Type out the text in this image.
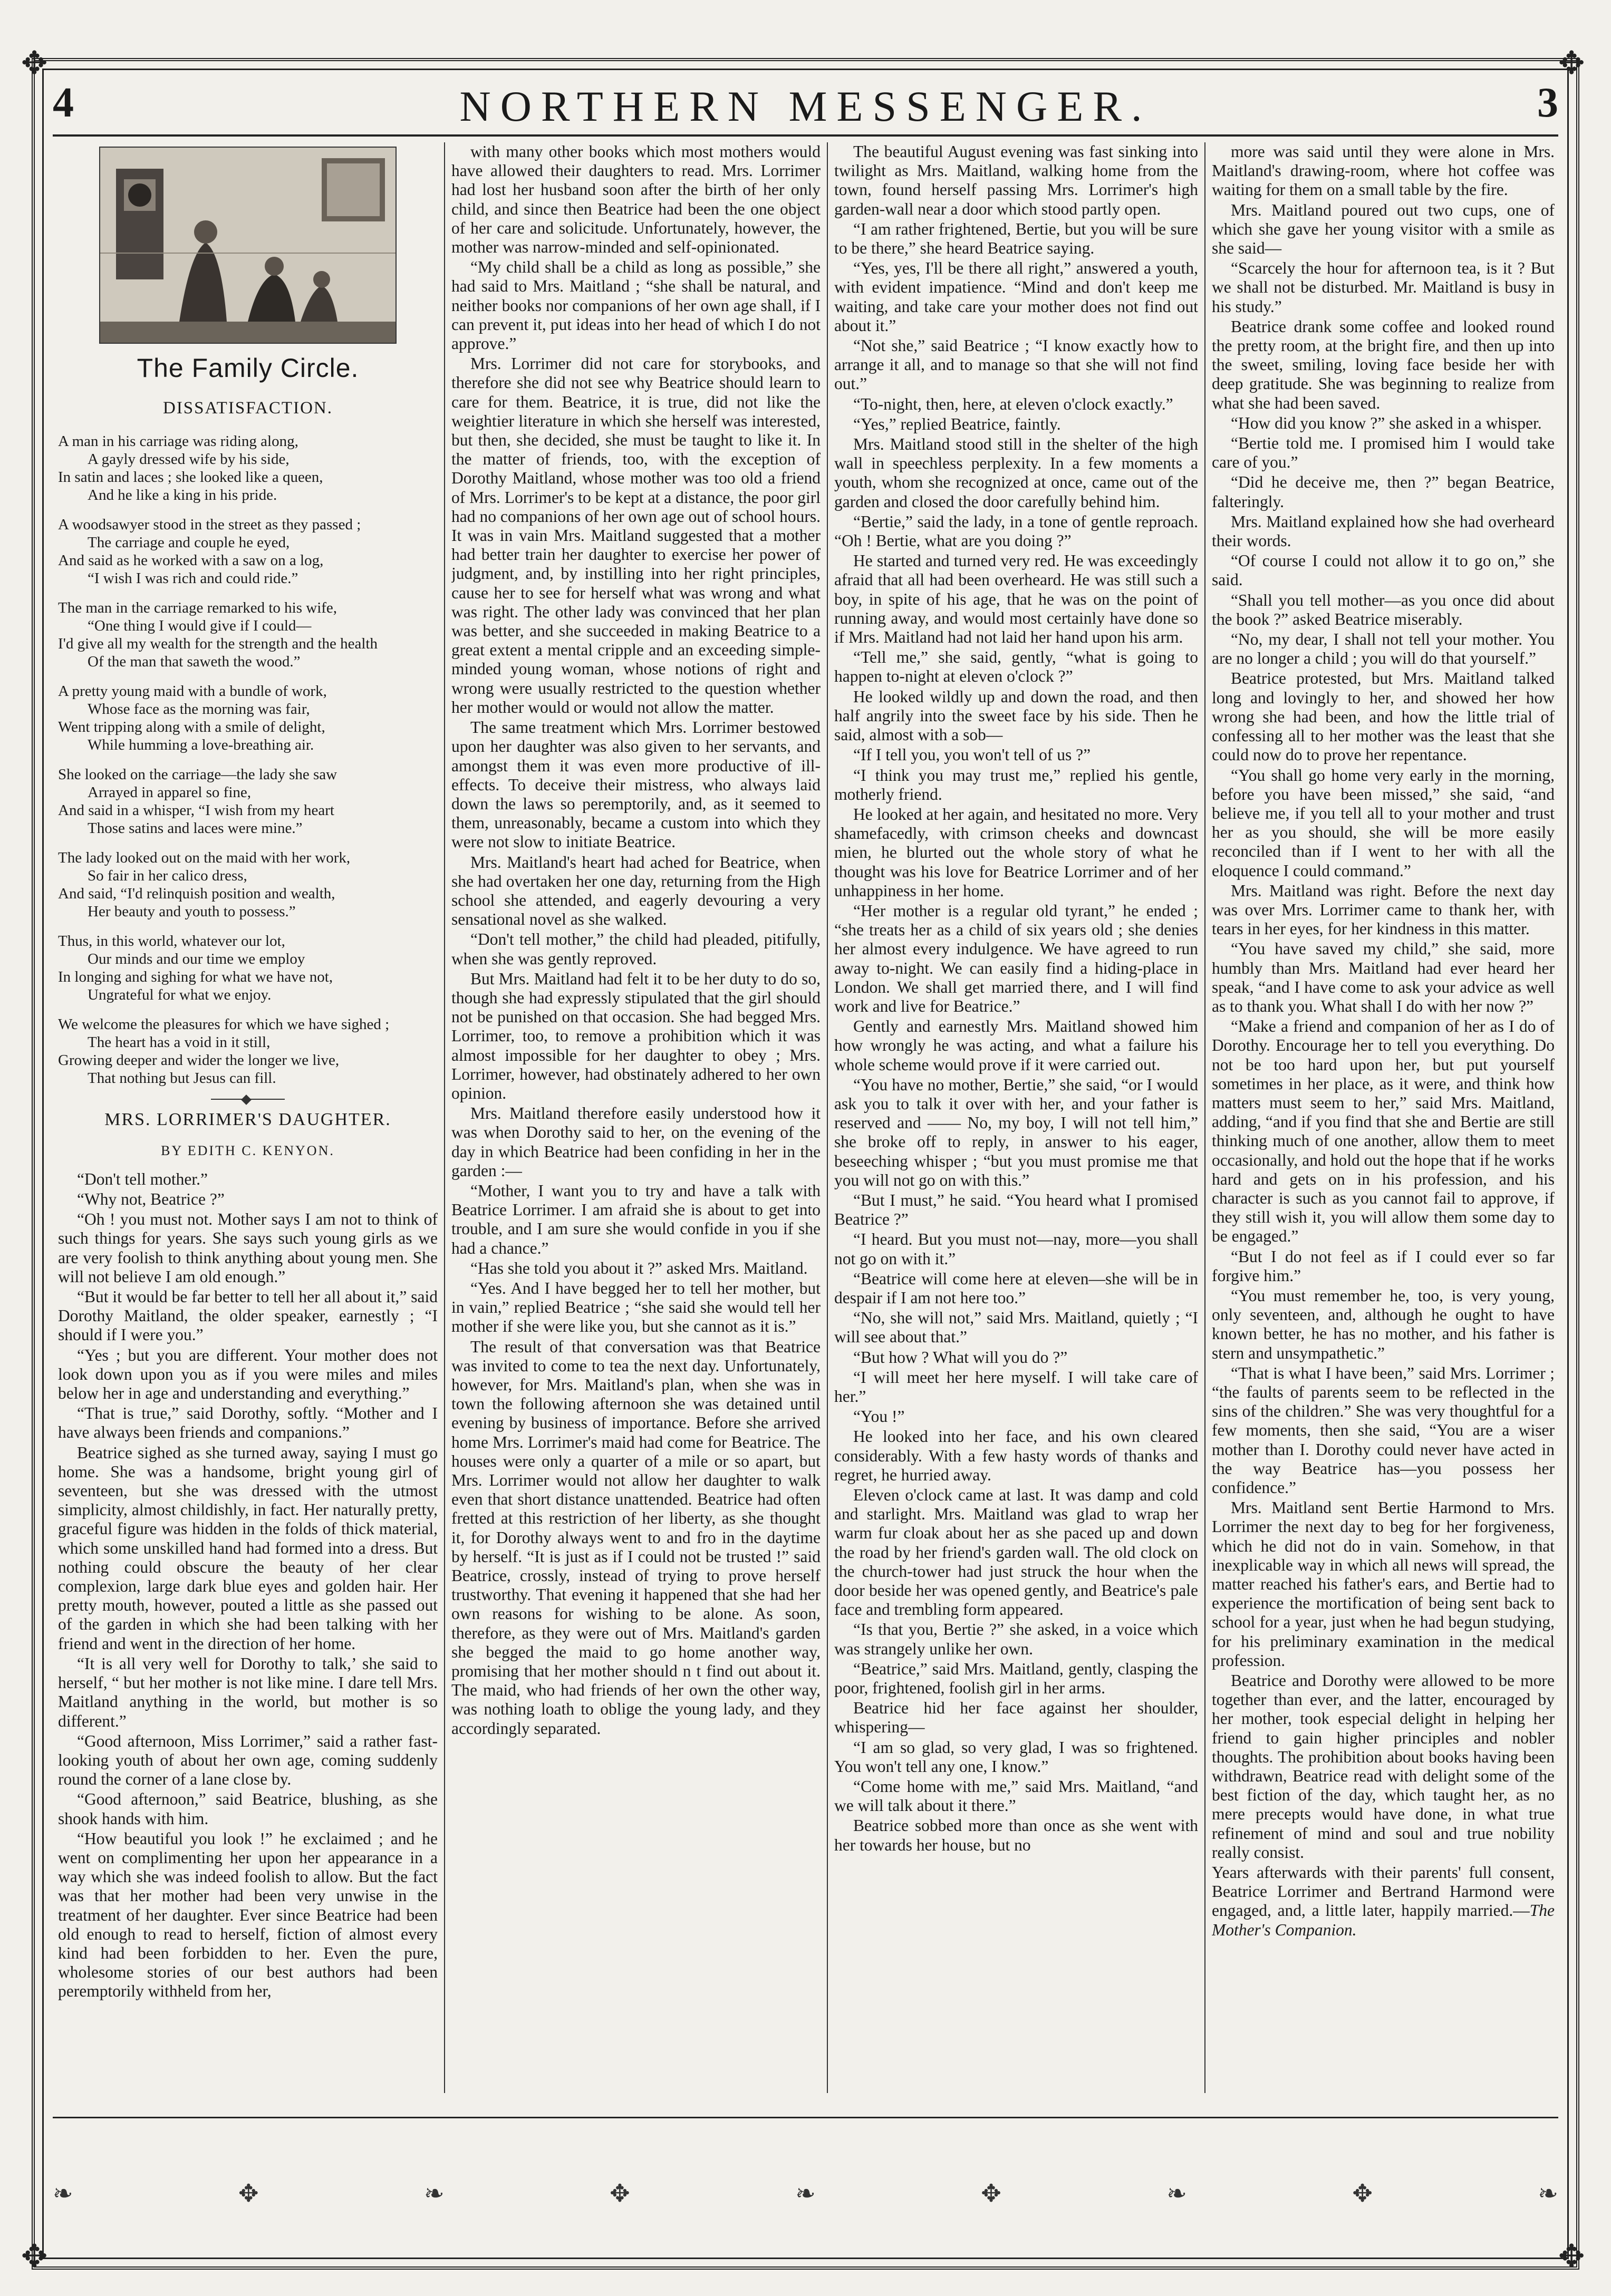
✥	✥
✥	✥
4	NORTHERN MESSENGER.	3
The Family Circle.
DISSATISFACTION.

A man in his carriage was riding along,

A gayly dressed wife by his side,

In satin and laces ; she looked like a queen,

And he like a king in his pride.

A woodsawyer stood in the street as they passed ;

The carriage and couple he eyed,

And said as he worked with a saw on a log,

“I wish I was rich and could ride.”

The man in the carriage remarked to his wife,

“One thing I would give if I could—

I'd give all my wealth for the strength and the health

Of the man that saweth the wood.”

A pretty young maid with a bundle of work,

Whose face as the morning was fair,

Went tripping along with a smile of delight,

While humming a love-breathing air.

She looked on the carriage—the lady she saw

Arrayed in apparel so fine,

And said in a whisper, “I wish from my heart

Those satins and laces were mine.”

The lady looked out on the maid with her work,

So fair in her calico dress,

And said, “I'd relinquish position and wealth,

Her beauty and youth to possess.”

Thus, in this world, whatever our lot,

Our minds and our time we employ

In longing and sighing for what we have not,

Ungrateful for what we enjoy.

We welcome the pleasures for which we have sighed ;

The heart has a void in it still,

Growing deeper and wider the longer we live,

That nothing but Jesus can fill.

MRS. LORRIMER'S DAUGHTER.
BY EDITH C. KENYON.

“Don't tell mother.”

“Why not, Beatrice ?”

“Oh ! you must not. Mother says I am not to think of such things for years. She says such young girls as we are very foolish to think anything about young men. She will not believe I am old enough.”

“But it would be far better to tell her all about it,” said Dorothy Maitland, the older speaker, earnestly ; “I should if I were you.”

“Yes ; but you are different. Your mother does not look down upon you as if you were miles and miles below her in age and understanding and everything.”

“That is true,” said Dorothy, softly. “Mother and I have always been friends and companions.”

Beatrice sighed as she turned away, saying I must go home. She was a handsome, bright young girl of seventeen, but she was dressed with the utmost simplicity, almost childishly, in fact. Her naturally pretty, graceful figure was hidden in the folds of thick material, which some unskilled hand had formed into a dress. But nothing could obscure the beauty of her clear complexion, large dark blue eyes and golden hair. Her pretty mouth, however, pouted a little as she passed out of the garden in which she had been talking with her friend and went in the direction of her home.

“It is all very well for Dorothy to talk,’ she said to herself, “ but her mother is not like mine. I dare tell Mrs. Maitland anything in the world, but mother is so different.”

“Good afternoon, Miss Lorrimer,” said a rather fast-looking youth of about her own age, coming suddenly round the corner of a lane close by.

“Good afternoon,” said Beatrice, blushing, as she shook hands with him.

“How beautiful you look !” he exclaimed ; and he went on complimenting her upon her appearance in a way which she was indeed foolish to allow. But the fact was that her mother had been very unwise in the treatment of her daughter. Ever since Beatrice had been old enough to read to herself, fiction of almost every kind had been forbidden to her. Even the pure, wholesome stories of our best authors had been peremptorily withheld from her,

with many other books which most mothers would have allowed their daughters to read. Mrs. Lorrimer had lost her husband soon after the birth of her only child, and since then Beatrice had been the one object of her care and solicitude. Unfortunately, however, the mother was narrow-minded and self-opinionated.

“My child shall be a child as long as possible,” she had said to Mrs. Maitland ; “she shall be natural, and neither books nor companions of her own age shall, if I can prevent it, put ideas into her head of which I do not approve.”

Mrs. Lorrimer did not care for storybooks, and therefore she did not see why Beatrice should learn to care for them. Beatrice, it is true, did not like the weightier literature in which she herself was interested, but then, she decided, she must be taught to like it. In the matter of friends, too, with the exception of Dorothy Maitland, whose mother was too old a friend of Mrs. Lorrimer's to be kept at a distance, the poor girl had no companions of her own age out of school hours. It was in vain Mrs. Maitland suggested that a mother had better train her daughter to exercise her power of judgment, and, by instilling into her right principles, cause her to see for herself what was wrong and what was right. The other lady was convinced that her plan was better, and she succeeded in making Beatrice to a great extent a mental cripple and an exceeding simple-minded young woman, whose notions of right and wrong were usually restricted to the question whether her mother would or would not allow the matter.

The same treatment which Mrs. Lorrimer bestowed upon her daughter was also given to her servants, and amongst them it was even more productive of ill-effects. To deceive their mistress, who always laid down the laws so peremptorily, and, as it seemed to them, unreasonably, became a custom into which they were not slow to initiate Beatrice.

Mrs. Maitland's heart had ached for Beatrice, when she had overtaken her one day, returning from the High school she attended, and eagerly devouring a very sensational novel as she walked.

“Don't tell mother,” the child had pleaded, pitifully, when she was gently reproved.

But Mrs. Maitland had felt it to be her duty to do so, though she had expressly stipulated that the girl should not be punished on that occasion. She had begged Mrs. Lorrimer, too, to remove a prohibition which it was almost impossible for her daughter to obey ; Mrs. Lorrimer, however, had obstinately adhered to her own opinion.

Mrs. Maitland therefore easily understood how it was when Dorothy said to her, on the evening of the day in which Beatrice had been confiding in her in the garden :—

“Mother, I want you to try and have a talk with Beatrice Lorrimer. I am afraid she is about to get into trouble, and I am sure she would confide in you if she had a chance.”

“Has she told you about it ?” asked Mrs. Maitland.

“Yes. And I have begged her to tell her mother, but in vain,” replied Beatrice ; “she said she would tell her mother if she were like you, but she cannot as it is.”

The result of that conversation was that Beatrice was invited to come to tea the next day. Unfortunately, however, for Mrs. Maitland's plan, when she was in town the following afternoon she was detained until evening by business of importance. Before she arrived home Mrs. Lorrimer's maid had come for Beatrice. The houses were only a quarter of a mile or so apart, but Mrs. Lorrimer would not allow her daughter to walk even that short distance unattended. Beatrice had often fretted at this restriction of her liberty, as she thought it, for Dorothy always went to and fro in the daytime by herself. “It is just as if I could not be trusted !” said Beatrice, crossly, instead of trying to prove herself trustworthy. That evening it happened that she had her own reasons for wishing to be alone. As soon, therefore, as they were out of Mrs. Maitland's garden she begged the maid to go home another way, promising that her mother should n t find out about it. The maid, who had friends of her own the other way, was nothing loath to oblige the young lady, and they accordingly separated.

The beautiful August evening was fast sinking into twilight as Mrs. Maitland, walking home from the town, found herself passing Mrs. Lorrimer's high garden-wall near a door which stood partly open.

“I am rather frightened, Bertie, but you will be sure to be there,” she heard Beatrice saying.

“Yes, yes, I'll be there all right,” answered a youth, with evident impatience. “Mind and don't keep me waiting, and take care your mother does not find out about it.”

“Not she,” said Beatrice ; “I know exactly how to arrange it all, and to manage so that she will not find out.”

“To-night, then, here, at eleven o'clock exactly.”

“Yes,” replied Beatrice, faintly.

Mrs. Maitland stood still in the shelter of the high wall in speechless perplexity. In a few moments a youth, whom she recognized at once, came out of the garden and closed the door carefully behind him.

“Bertie,” said the lady, in a tone of gentle reproach. “Oh ! Bertie, what are you doing ?”

He started and turned very red. He was exceedingly afraid that all had been overheard. He was still such a boy, in spite of his age, that he was on the point of running away, and would most certainly have done so if Mrs. Maitland had not laid her hand upon his arm.

“Tell me,” she said, gently, “what is going to happen to-night at eleven o'clock ?”

He looked wildly up and down the road, and then half angrily into the sweet face by his side. Then he said, almost with a sob—

“If I tell you, you won't tell of us ?”

“I think you may trust me,” replied his gentle, motherly friend.

He looked at her again, and hesitated no more. Very shamefacedly, with crimson cheeks and downcast mien, he blurted out the whole story of what he thought was his love for Beatrice Lorrimer and of her unhappiness in her home.

“Her mother is a regular old tyrant,” he ended ; “she treats her as a child of six years old ; she denies her almost every indulgence. We have agreed to run away to-night. We can easily find a hiding-place in London. We shall get married there, and I will find work and live for Beatrice.”

Gently and earnestly Mrs. Maitland showed him how wrongly he was acting, and what a failure his whole scheme would prove if it were carried out.

“You have no mother, Bertie,” she said, “or I would ask you to talk it over with her, and your father is reserved and —— No, my boy, I will not tell him,” she broke off to reply, in answer to his eager, beseeching whisper ; “but you must promise me that you will not go on with this.”

“But I must,” he said. “You heard what I promised Beatrice ?”

“I heard. But you must not—nay, more—you shall not go on with it.”

“Beatrice will come here at eleven—she will be in despair if I am not here too.”

“No, she will not,” said Mrs. Maitland, quietly ; “I will see about that.”

“But how ? What will you do ?”

“I will meet her here myself. I will take care of her.”

“You !”

He looked into her face, and his own cleared considerably. With a few hasty words of thanks and regret, he hurried away.

Eleven o'clock came at last. It was damp and cold and starlight. Mrs. Maitland was glad to wrap her warm fur cloak about her as she paced up and down the road by her friend's garden wall. The old clock on the church-tower had just struck the hour when the door beside her was opened gently, and Beatrice's pale face and trembling form appeared.

“Is that you, Bertie ?” she asked, in a voice which was strangely unlike her own.

“Beatrice,” said Mrs. Maitland, gently, clasping the poor, frightened, foolish girl in her arms.

Beatrice hid her face against her shoulder, whispering—

“I am so glad, so very glad, I was so frightened. You won't tell any one, I know.”

“Come home with me,” said Mrs. Maitland, “and we will talk about it there.”

Beatrice sobbed more than once as she went with her towards her house, but no

more was said until they were alone in Mrs. Maitland's drawing-room, where hot coffee was waiting for them on a small table by the fire.

Mrs. Maitland poured out two cups, one of which she gave her young visitor with a smile as she said—

“Scarcely the hour for afternoon tea, is it ? But we shall not be disturbed. Mr. Maitland is busy in his study.”

Beatrice drank some coffee and looked round the pretty room, at the bright fire, and then up into the sweet, smiling, loving face beside her with deep gratitude. She was beginning to realize from what she had been saved.

“How did you know ?” she asked in a whisper.

“Bertie told me. I promised him I would take care of you.”

“Did he deceive me, then ?” began Beatrice, falteringly.

Mrs. Maitland explained how she had overheard their words.

“Of course I could not allow it to go on,” she said.

“Shall you tell mother—as you once did about the book ?” asked Beatrice miserably.

“No, my dear, I shall not tell your mother. You are no longer a child ; you will do that yourself.”

Beatrice protested, but Mrs. Maitland talked long and lovingly to her, and showed her how wrong she had been, and how the little trial of confessing all to her mother was the least that she could now do to prove her repentance.

“You shall go home very early in the morning, before you have been missed,” she said, “and believe me, if you tell all to your mother and trust her as you should, she will be more easily reconciled than if I went to her with all the eloquence I could command.”

Mrs. Maitland was right. Before the next day was over Mrs. Lorrimer came to thank her, with tears in her eyes, for her kindness in this matter.

“You have saved my child,” she said, more humbly than Mrs. Maitland had ever heard her speak, “and I have come to ask your advice as well as to thank you. What shall I do with her now ?”

“Make a friend and companion of her as I do of Dorothy. Encourage her to tell you everything. Do not be too hard upon her, but put yourself sometimes in her place, as it were, and think how matters must seem to her,” said Mrs. Maitland, adding, “and if you find that she and Bertie are still thinking much of one another, allow them to meet occasionally, and hold out the hope that if he works hard and gets on in his profession, and his character is such as you cannot fail to approve, if they still wish it, you will allow them some day to be engaged.”

“But I do not feel as if I could ever so far forgive him.”

“You must remember he, too, is very young, only seventeen, and, although he ought to have known better, he has no mother, and his father is stern and unsympathetic.”

“That is what I have been,” said Mrs. Lorrimer ; “the faults of parents seem to be reflected in the sins of the children.” She was very thoughtful for a few moments, then she said, “You are a wiser mother than I. Dorothy could never have acted in the way Beatrice has—you possess her confidence.”

Mrs. Maitland sent Bertie Harmond to Mrs. Lorrimer the next day to beg for her forgiveness, which he did not do in vain. Somehow, in that inexplicable way in which all news will spread, the matter reached his father's ears, and Bertie had to experience the mortification of being sent back to school for a year, just when he had begun studying, for his preliminary examination in the medical profession.

Beatrice and Dorothy were allowed to be more together than ever, and the latter, encouraged by her mother, took especial delight in helping her friend to gain higher principles and nobler thoughts. The prohibition about books having been withdrawn, Beatrice read with delight some of the best fiction of the day, which taught her, as no mere precepts would have done, in what true refinement of mind and soul and true nobility really consist.

Years afterwards with their parents' full consent, Beatrice Lorrimer and Bertrand Harmond were engaged, and, a little later, happily married.—The Mother's Companion.

❧	✥	❧	✥	❧	✥	❧	✥	❧
